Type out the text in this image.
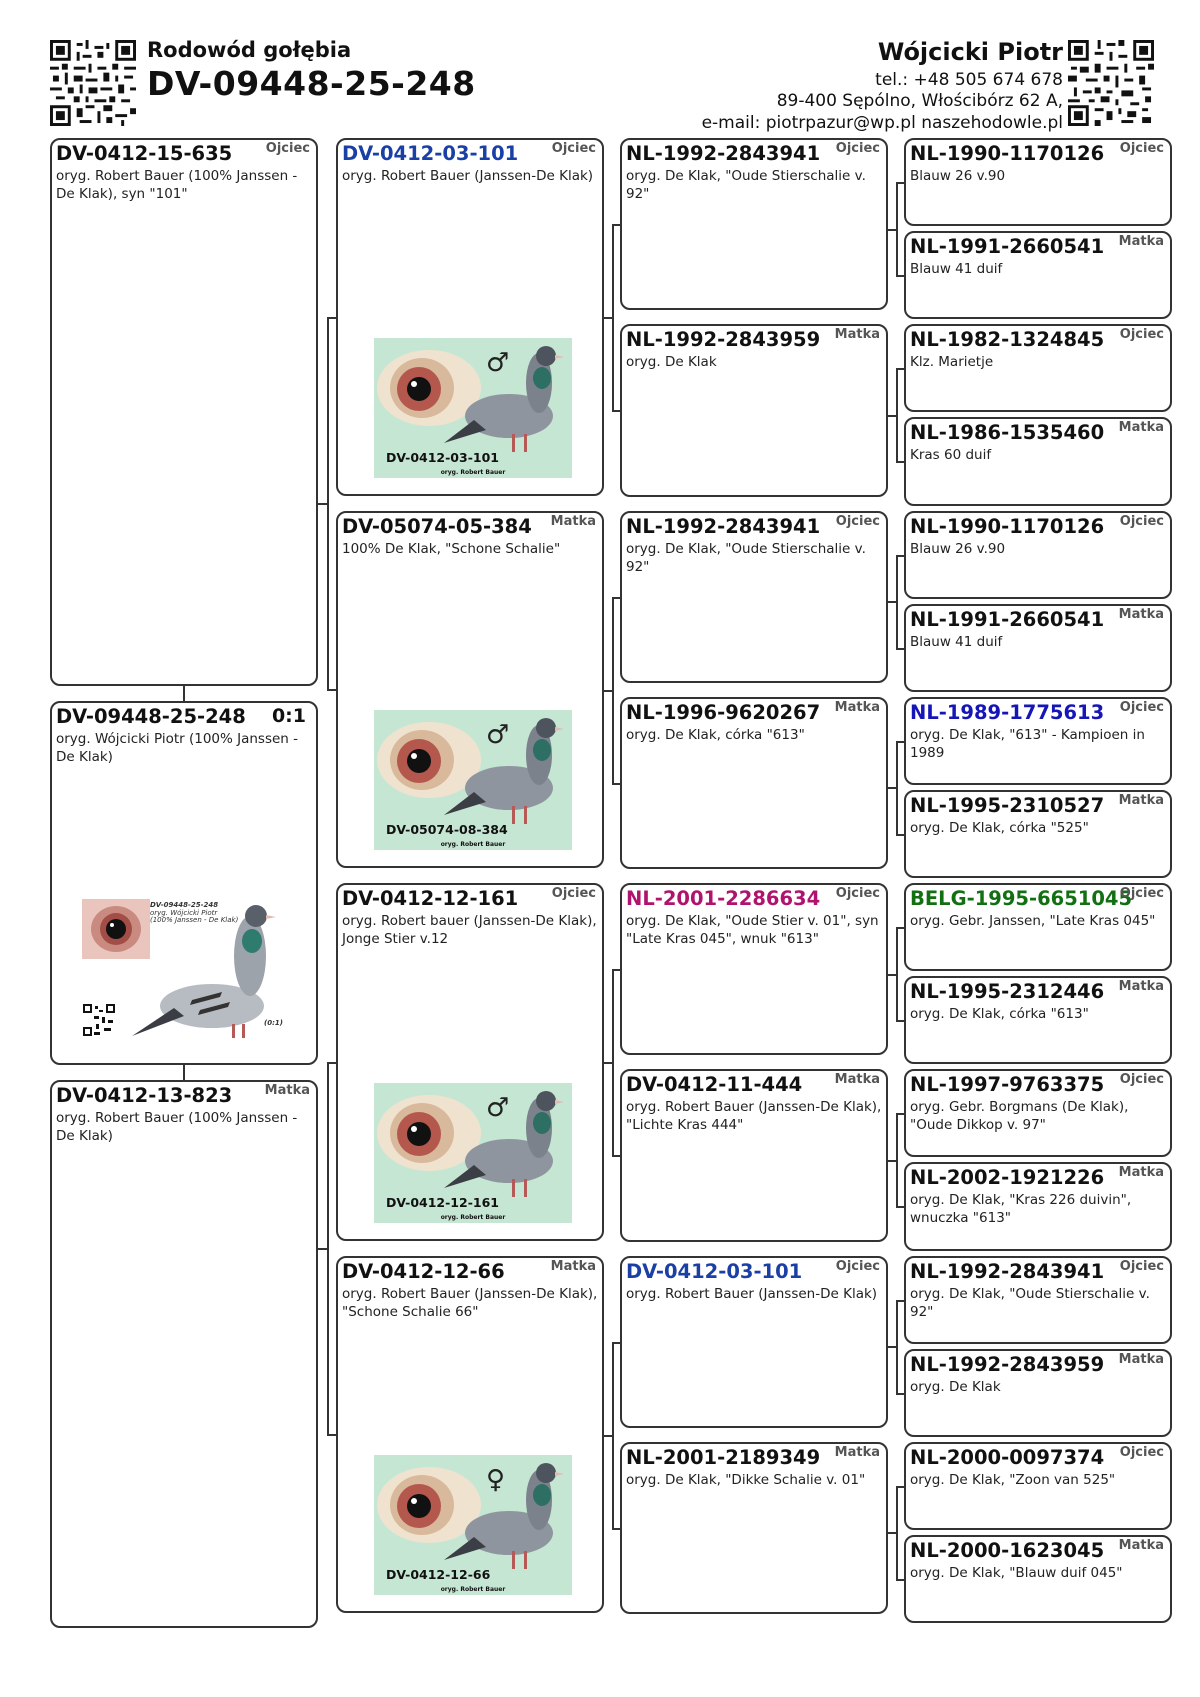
Rodowód gołębia
DV-09448-25-248
Wójcicki Piotr
tel.: +48 505 674 678
89-400 Sępólno, Włościbórz 62 A,
e-mail: piotrpazur@wp.pl naszehodowle.pl
DV-0412-15-635	Ojciec
oryg. Robert Bauer (100% Janssen - De Klak), syn "101"
DV-09448-25-248 0:1
oryg. Wójcicki Piotr (100% Janssen - De Klak)
DV-09448-25-248
oryg. Wójcicki Piotr
(100% Janssen - De Klak)
(0:1)
DV-0412-13-823 Matka
oryg. Robert Bauer (100% Janssen - De Klak)
DV-0412-03-101	Ojciec
oryg. Robert Bauer (Janssen-De Klak)
♂
DV-0412-03-101
oryg. Robert Bauer
DV-05074-05-384 Matka
100% De Klak, "Schone Schalie"
♂
DV-05074-08-384
oryg. Robert Bauer
DV-0412-12-161	Ojciec
oryg. Robert bauer (Janssen-De Klak), Jonge Stier v.12
♂
DV-0412-12-161
oryg. Robert Bauer
DV-0412-12-66	Matka
oryg. Robert Bauer (Janssen-De Klak), "Schone Schalie 66"
♀
DV-0412-12-66
oryg. Robert Bauer
NL-1992-2843941 Ojciec
oryg. De Klak, "Oude Stierschalie v. 92"
NL-1992-2843959 Matka
oryg. De Klak
NL-1992-2843941 Ojciec
oryg. De Klak, "Oude Stierschalie v. 92"
NL-1996-9620267 Matka
oryg. De Klak, córka "613"
NL-2001-2286634 Ojciec
oryg. De Klak, "Oude Stier v. 01", syn "Late Kras 045", wnuk "613"
DV-0412-11-444 Matka
oryg. Robert Bauer (Janssen-De Klak), "Lichte Kras 444"
DV-0412-03-101	Ojciec
oryg. Robert Bauer (Janssen-De Klak)
NL-2001-2189349 Matka
oryg. De Klak, "Dikke Schalie v. 01"
NL-1990-1170126 Ojciec
Blauw 26 v.90
NL-1991-2660541 Matka
Blauw 41 duif
NL-1982-1324845 Ojciec
Klz. Marietje
NL-1986-1535460 Matka
Kras 60 duif
NL-1990-1170126 Ojciec
Blauw 26 v.90
NL-1991-2660541 Matka
Blauw 41 duif
NL-1989-1775613 Ojciec
oryg. De Klak, "613" - Kampioen in 1989
NL-1995-2310527 Matka
oryg. De Klak, córka "525"
BELG-1995-6651045
Ojciec
oryg. Gebr. Janssen, "Late Kras 045"
NL-1995-2312446 Matka
oryg. De Klak, córka "613"
NL-1997-9763375 Ojciec
oryg. Gebr. Borgmans (De Klak), "Oude Dikkop v. 97"
NL-2002-1921226 Matka
oryg. De Klak, "Kras 226 duivin", wnuczka "613"
NL-1992-2843941 Ojciec
oryg. De Klak, "Oude Stierschalie v. 92"
NL-1992-2843959 Matka
oryg. De Klak
NL-2000-0097374 Ojciec
oryg. De Klak, "Zoon van 525"
NL-2000-1623045 Matka
oryg. De Klak, "Blauw duif 045"
